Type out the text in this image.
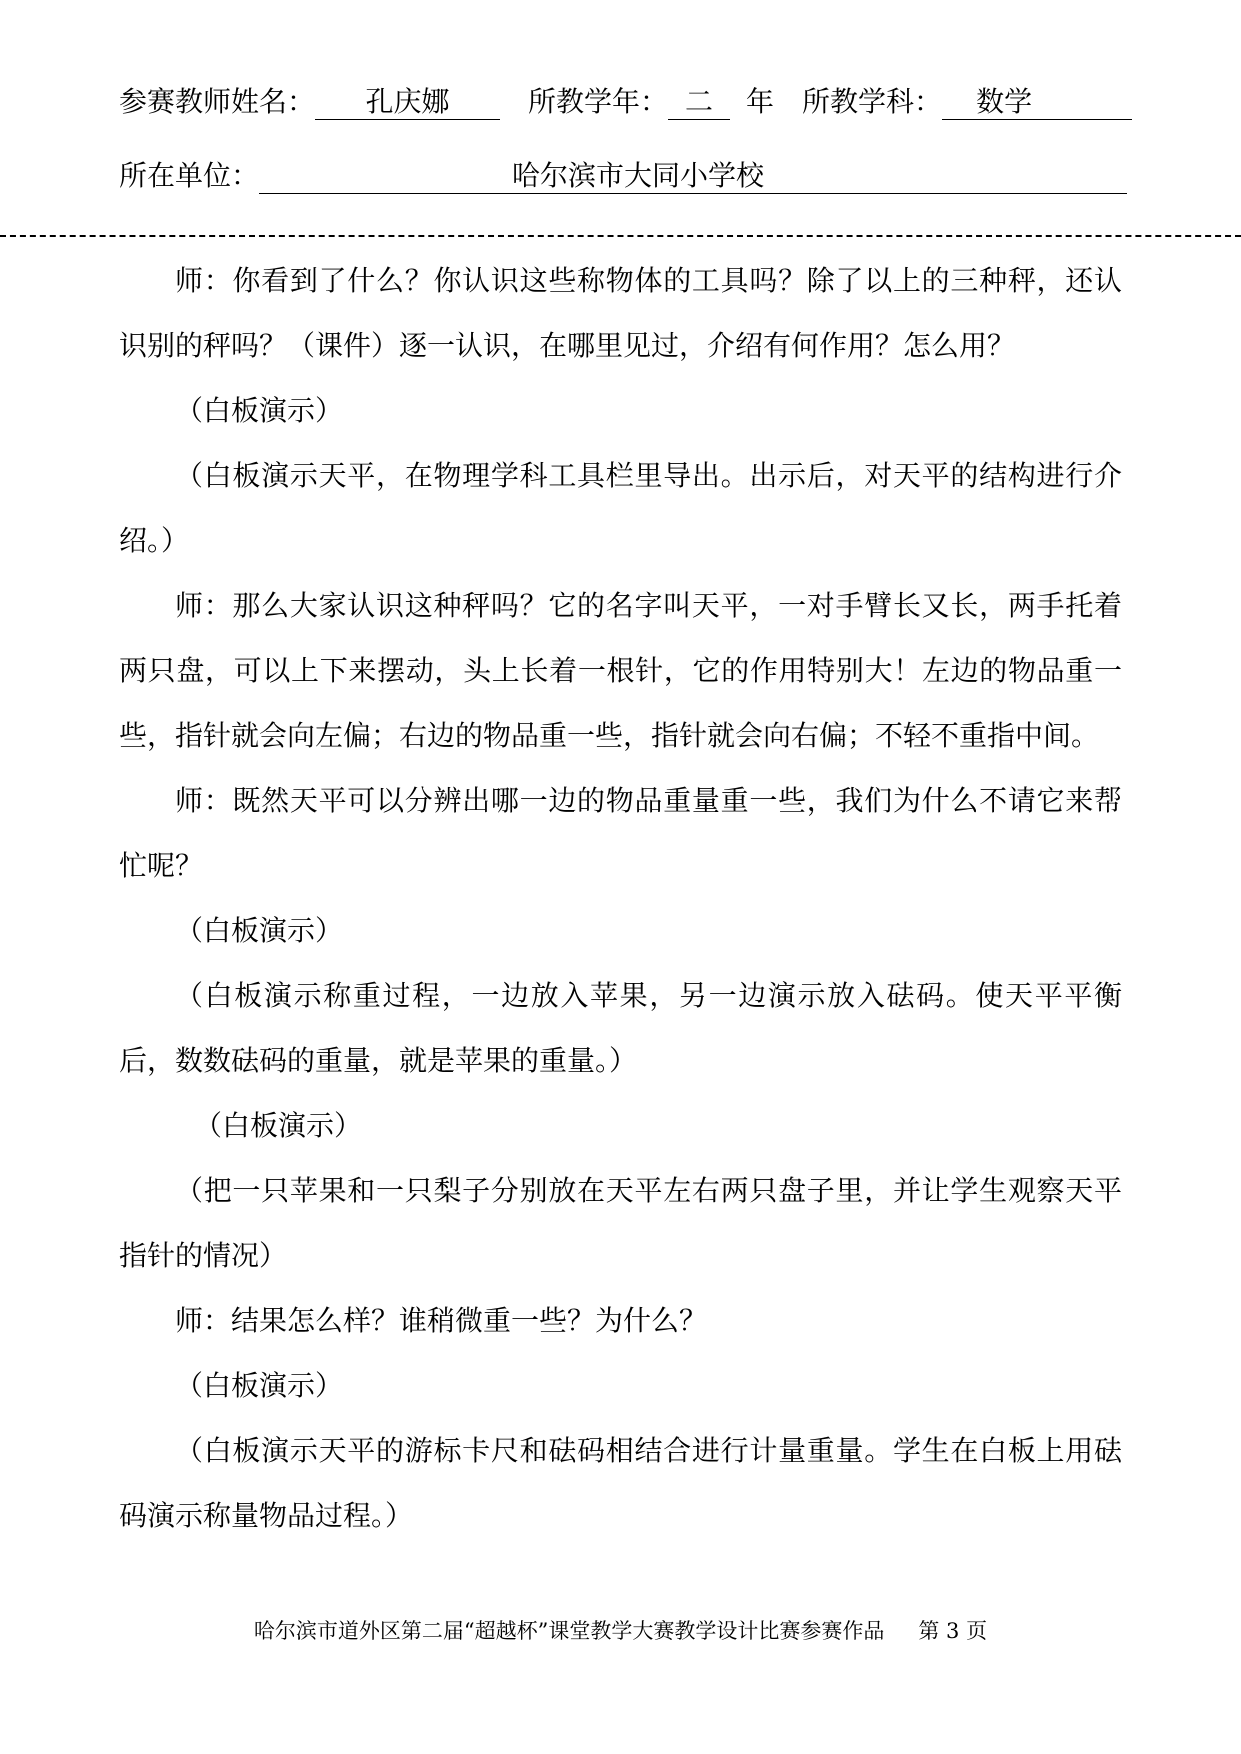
参赛教师姓名： 孔庆娜	所教学年： 二 年 所教学科： 数学
所在单位：	哈尔滨市大同小学校

师：你看到了什么？你认识这些称物体的工具吗？除了以上的三种秤，还认识别的秤吗？（课件）逐一认识，在哪里见过，介绍有何作用？怎么用？

（白板演示）

（白板演示天平，在物理学科工具栏里导出。出示后，对天平的结构进行介绍。）

师：那么大家认识这种秤吗？它的名字叫天平，一对手臂长又长，两手托着两只盘，可以上下来摆动，头上长着一根针，它的作用特别大！左边的物品重一些，指针就会向左偏；右边的物品重一些，指针就会向右偏；不轻不重指中间。

师：既然天平可以分辨出哪一边的物品重量重一些，我们为什么不请它来帮忙呢？

（白板演示）

（白板演示称重过程，一边放入苹果，另一边演示放入砝码。使天平平衡后，数数砝码的重量，就是苹果的重量。）

（白板演示）

（把一只苹果和一只梨子分别放在天平左右两只盘子里，并让学生观察天平指针的情况）

师：结果怎么样？谁稍微重一些？为什么？

（白板演示）

（白板演示天平的游标卡尺和砝码相结合进行计量重量。学生在白板上用砝码演示称量物品过程。）

哈尔滨市道外区第二届“超越杯”课堂教学大赛教学设计比赛参赛作品 第 3 页
